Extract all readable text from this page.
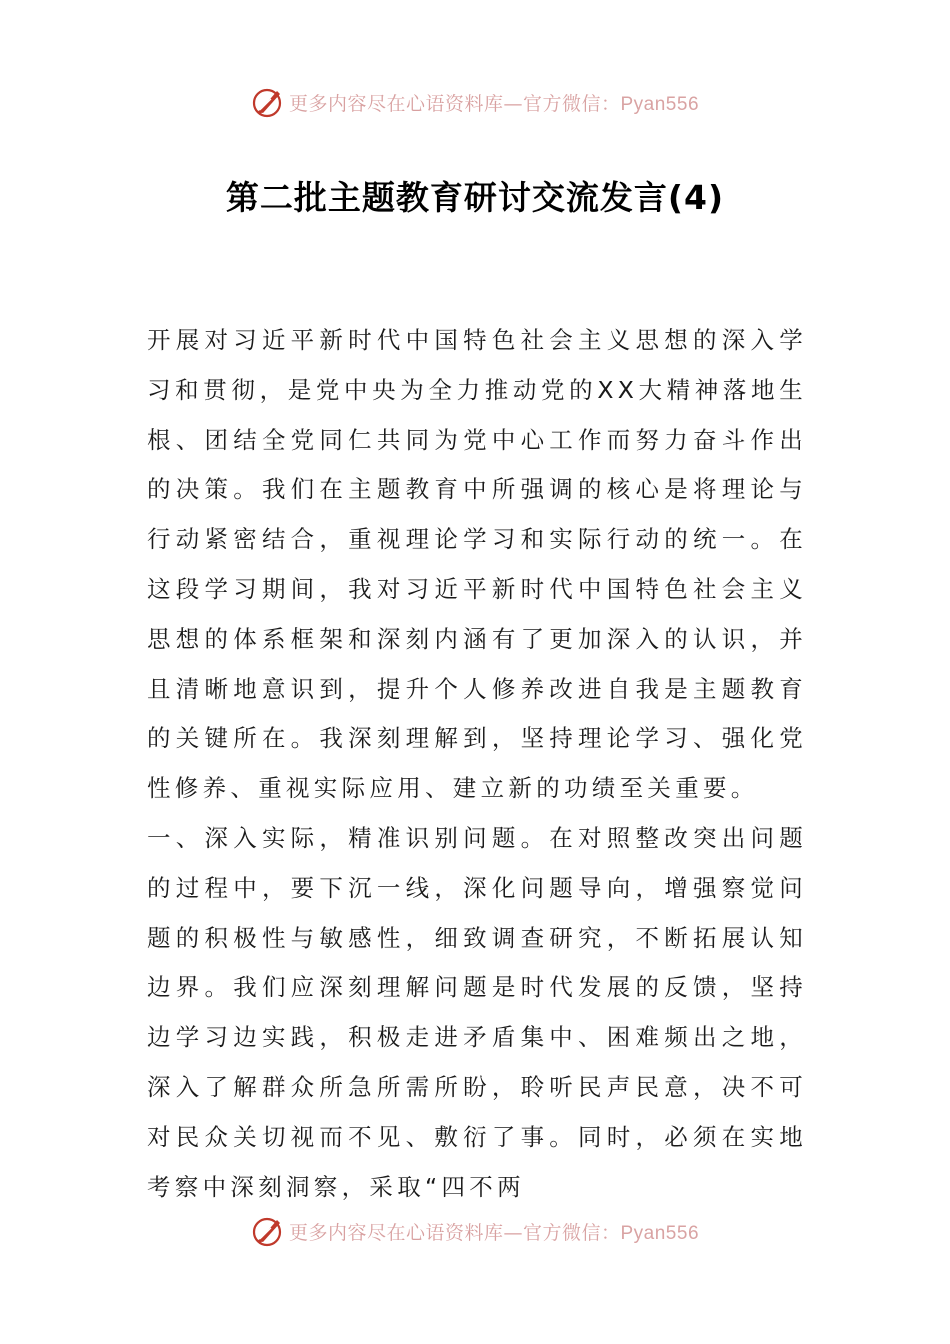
更多内容尽在心语资料库—官方微信：Pyan556
第二批主题教育研讨交流发言(4)

开展对习近平新时代中国特色社会主义思想的深入学习和贯彻，是党中央为全力推动党的XX大精神落地生根、团结全党同仁共同为党中心工作而努力奋斗作出的决策。我们在主题教育中所强调的核心是将理论与行动紧密结合，重视理论学习和实际行动的统一。在这段学习期间，我对习近平新时代中国特色社会主义思想的体系框架和深刻内涵有了更加深入的认识，并且清晰地意识到，提升个人修养改进自我是主题教育的关键所在。我深刻理解到，坚持理论学习、强化党性修养、重视实际应用、建立新的功绩至关重要。

一、深入实际，精准识别问题。在对照整改突出问题的过程中，要下沉一线，深化问题导向，增强察觉问题的积极性与敏感性，细致调查研究，不断拓展认知边界。我们应深刻理解问题是时代发展的反馈，坚持边学习边实践，积极走进矛盾集中、困难频出之地，深入了解群众所急所需所盼，聆听民声民意，决不可对民众关切视而不见、敷衍了事。同时，必须在实地考察中深刻洞察，采取“四不两

更多内容尽在心语资料库—官方微信：Pyan556
